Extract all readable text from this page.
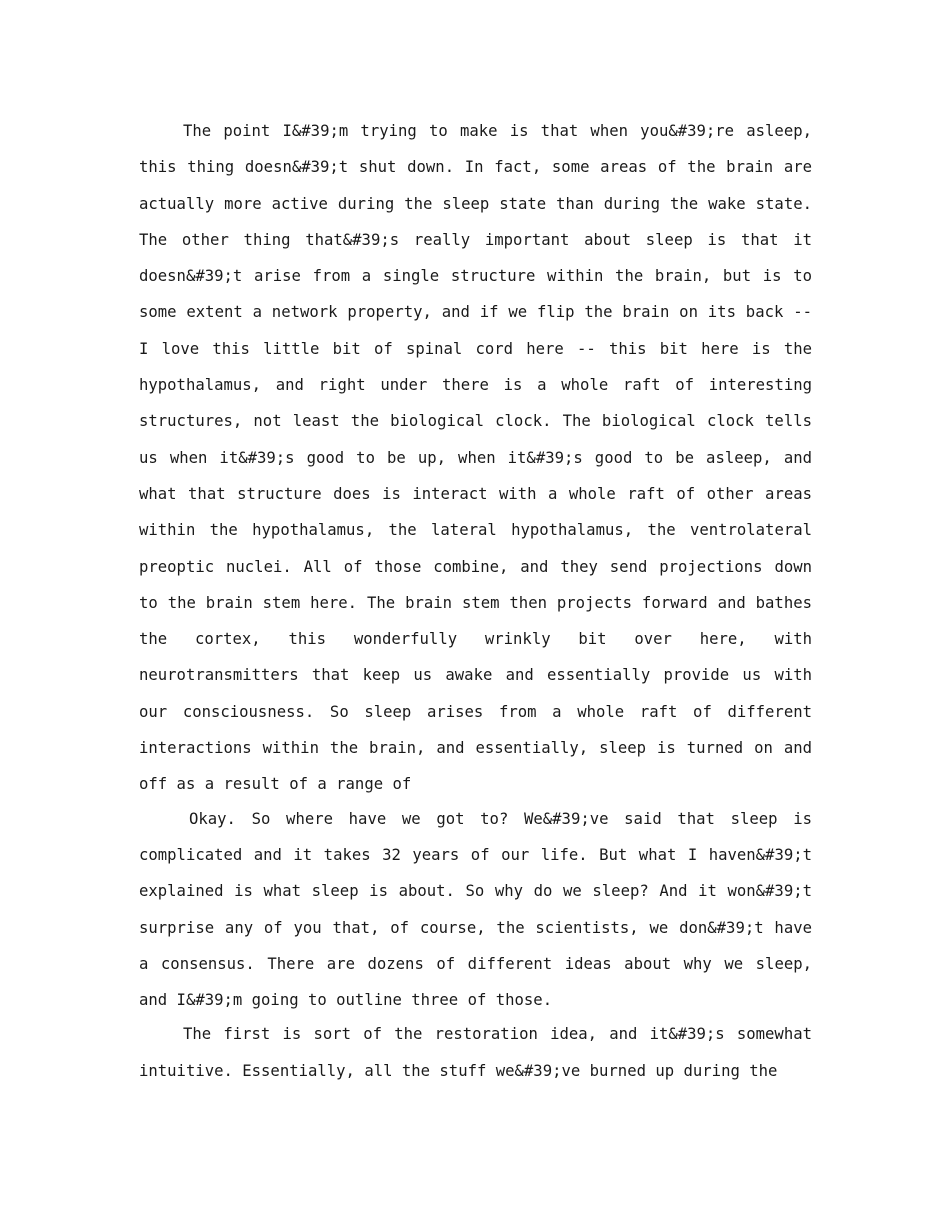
The point I&#39;m trying to make is that when you&#39;re asleep, this thing doesn&#39;t shut down. In fact, some areas of the brain are actually more active during the sleep state than during the wake state. The other thing that&#39;s really important about sleep is that it doesn&#39;t arise from a single structure within the brain, but is to some extent a network property, and if we flip the brain on its back -- I love this little bit of spinal cord here -- this bit here is the hypothalamus, and right under there is a whole raft of interesting structures, not least the biological clock. The biological clock tells us when it&#39;s good to be up, when it&#39;s good to be asleep, and what that structure does is interact with a whole raft of other areas within the hypothalamus, the lateral hypothalamus, the ventrolateral preoptic nuclei. All of those combine, and they send projections down to the brain stem here. The brain stem then projects forward and bathes the cortex, this wonderfully wrinkly bit over here, with neurotransmitters that keep us awake and essentially provide us with our consciousness. So sleep arises from a whole raft of different interactions within the brain, and essentially, sleep is turned on and off as a result of a range of

Okay. So where have we got to? We&#39;ve said that sleep is complicated and it takes 32 years of our life. But what I haven&#39;t explained is what sleep is about. So why do we sleep? And it won&#39;t surprise any of you that, of course, the scientists, we don&#39;t have a consensus. There are dozens of different ideas about why we sleep, and I&#39;m going to outline three of those.

The first is sort of the restoration idea, and it&#39;s somewhat intuitive. Essentially, all the stuff we&#39;ve burned up during the
